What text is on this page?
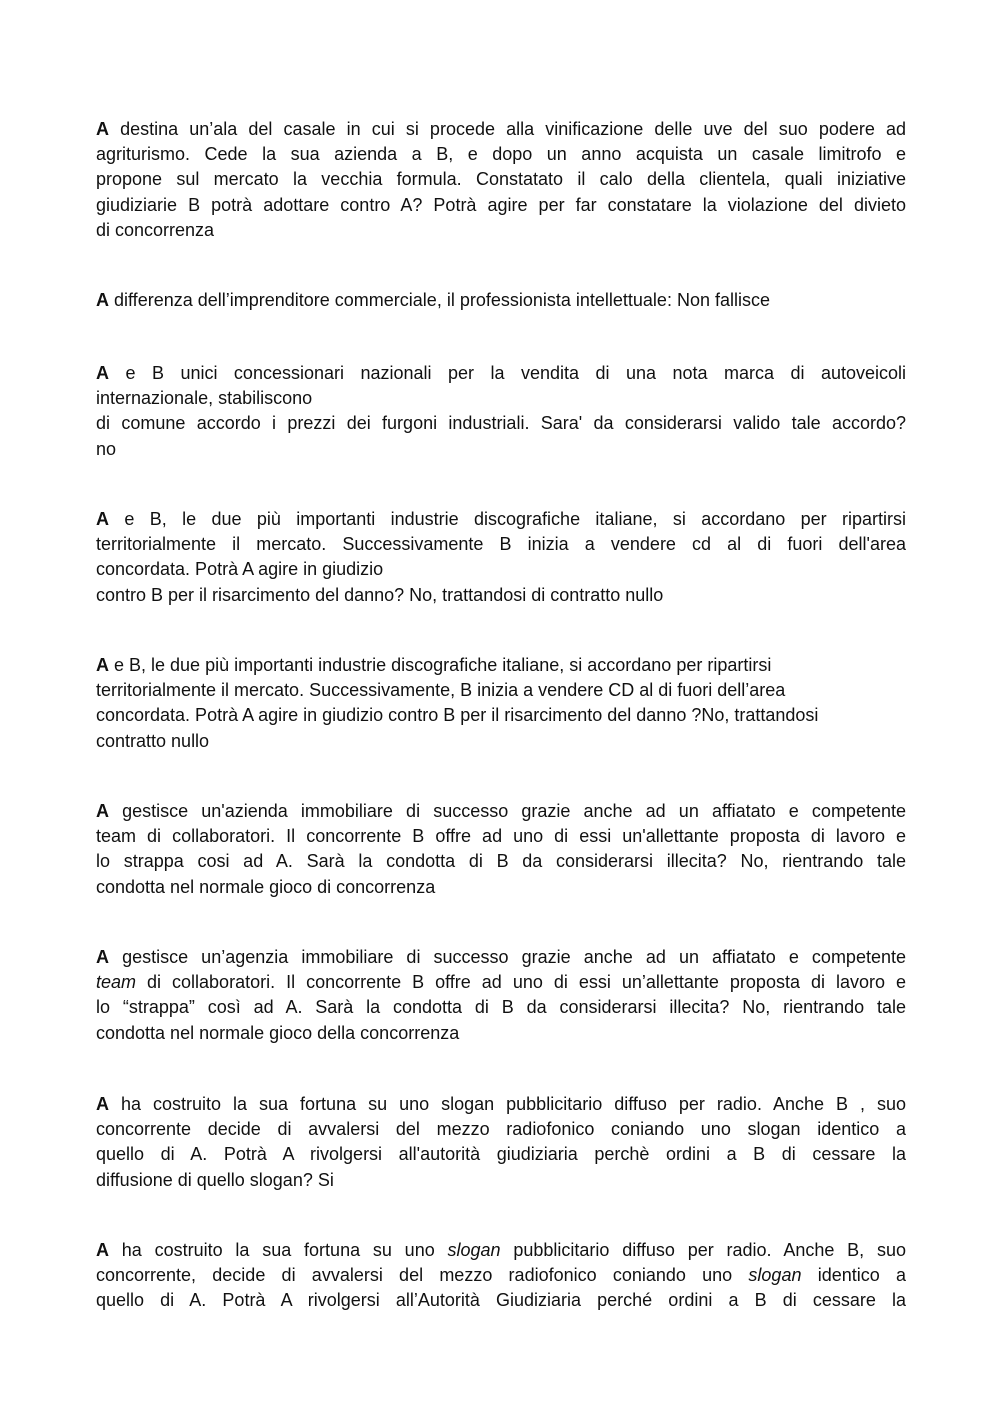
A destina un’ala del casale in cui si procede alla vinificazione delle uve del suo podere ad
agriturismo. Cede la sua azienda a B, e dopo un anno acquista un casale limitrofo e
propone sul mercato la vecchia formula. Constatato il calo della clientela, quali iniziative
giudiziarie B potrà adottare contro A? Potrà agire per far constatare la violazione del divieto
di concorrenza
A differenza dell’imprenditore commerciale, il professionista intellettuale: Non fallisce
A e B unici concessionari nazionali per la vendita di una nota marca di autoveicoli
internazionale, stabiliscono
di comune accordo i prezzi dei furgoni industriali. Sara' da considerarsi valido tale accordo?
no
A e B, le due più importanti industrie discografiche italiane, si accordano per ripartirsi
territorialmente il mercato. Successivamente B inizia a vendere cd al di fuori dell'area
concordata. Potrà A agire in giudizio
contro B per il risarcimento del danno? No, trattandosi di contratto nullo
A e B, le due più importanti industrie discografiche italiane, si accordano per ripartirsi
territorialmente il mercato. Successivamente, B inizia a vendere CD al di fuori dell’area
concordata. Potrà A agire in giudizio contro B per il risarcimento del danno ?No, trattandosi
contratto nullo
A gestisce un'azienda immobiliare di successo grazie anche ad un affiatato e competente
team di collaboratori. Il concorrente B offre ad uno di essi un'allettante proposta di lavoro e
lo strappa cosi ad A. Sarà la condotta di B da considerarsi illecita? No, rientrando tale
condotta nel normale gioco di concorrenza
A gestisce un’agenzia immobiliare di successo grazie anche ad un affiatato e competente
team di collaboratori. Il concorrente B offre ad uno di essi un’allettante proposta di lavoro e
lo “strappa” così ad A. Sarà la condotta di B da considerarsi illecita? No, rientrando tale
condotta nel normale gioco della concorrenza
A ha costruito la sua fortuna su uno slogan pubblicitario diffuso per radio. Anche B , suo
concorrente decide di avvalersi del mezzo radiofonico coniando uno slogan identico a
quello di A. Potrà A rivolgersi all'autorità giudiziaria perchè ordini a B di cessare la
diffusione di quello slogan? Si
A ha costruito la sua fortuna su uno slogan pubblicitario diffuso per radio. Anche B, suo
concorrente, decide di avvalersi del mezzo radiofonico coniando uno slogan identico a
quello di A. Potrà A rivolgersi all’Autorità Giudiziaria perché ordini a B di cessare la
